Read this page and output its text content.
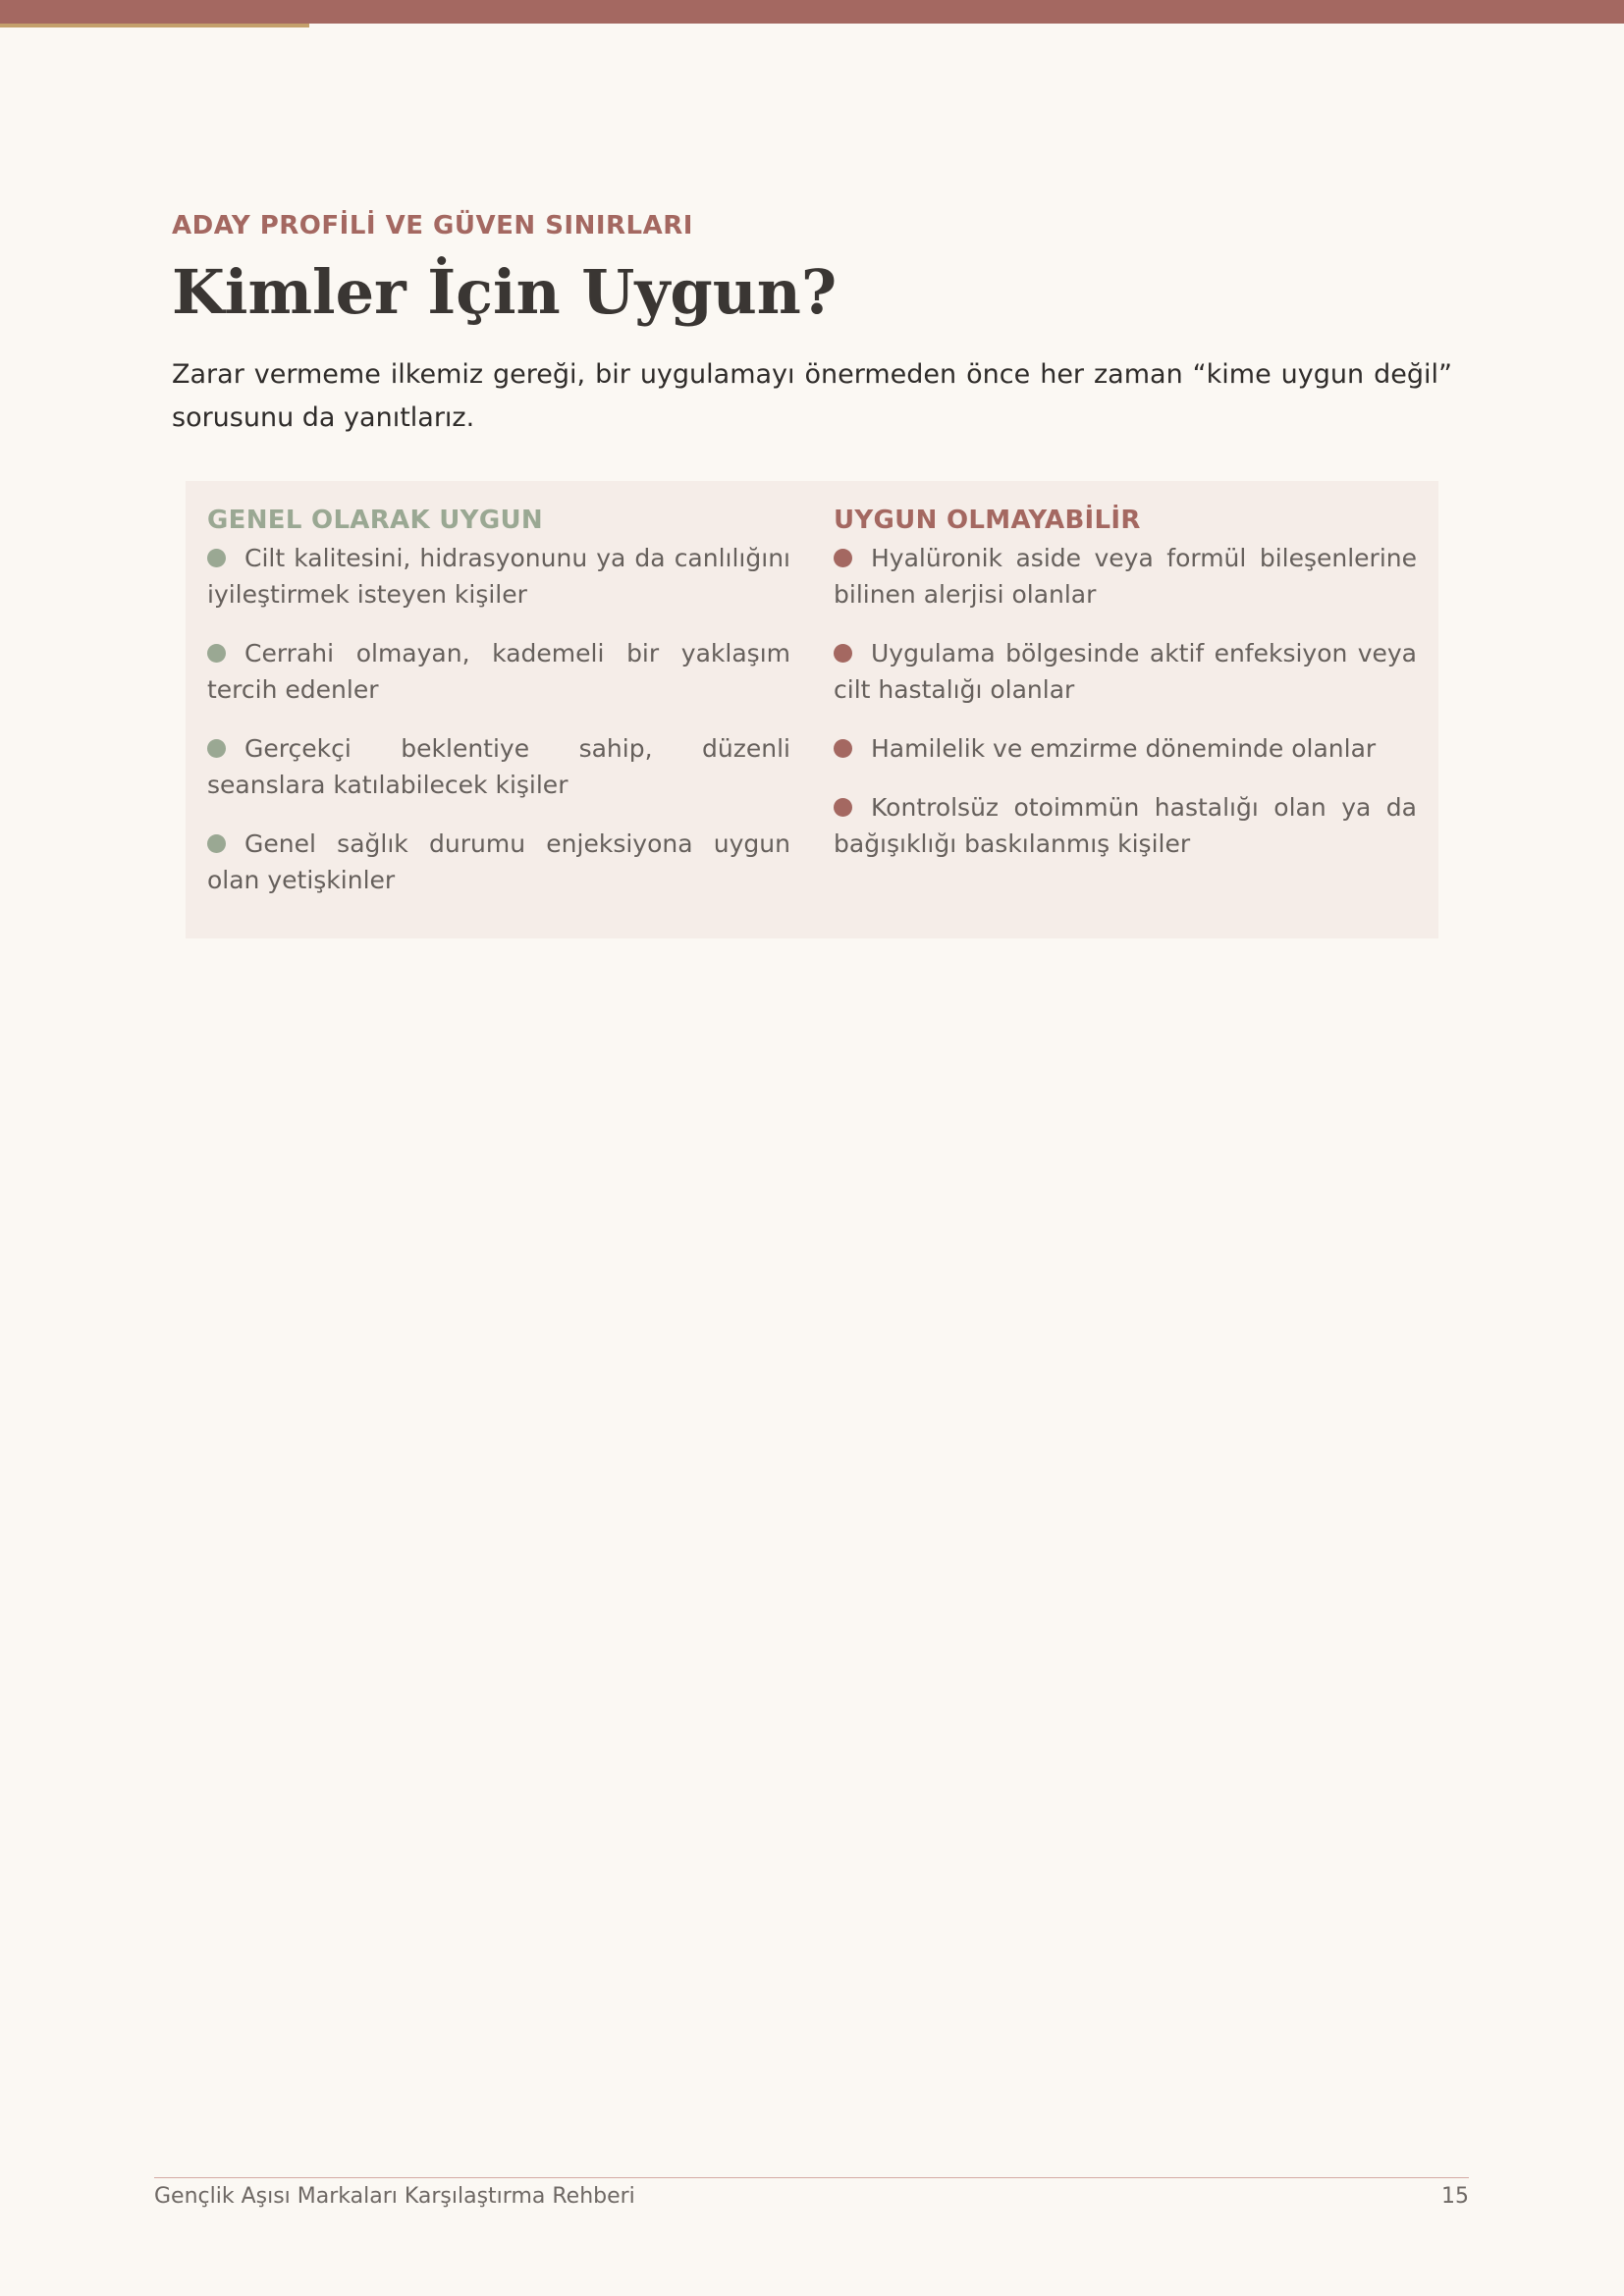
ADAY PROFİLİ VE GÜVEN SINIRLARI

Kimler İçin Uygun?

Zarar vermeme ilkemiz gereği, bir uygulamayı önermeden önce her zaman “kime uygun değil” sorusunu da yanıtlarız.

GENEL OLARAK UYGUN

Cilt kalitesini, hidrasyonunu ya da canlılığını iyileştirmek isteyen kişiler

Cerrahi olmayan, kademeli bir yaklaşım tercih edenler

Gerçekçi beklentiye sahip, düzenli seanslara katılabilecek kişiler

Genel sağlık durumu enjeksiyona uygun olan yetişkinler

UYGUN OLMAYABİLİR

Hyalüronik aside veya formül bileşenlerine bilinen alerjisi olanlar

Uygulama bölgesinde aktif enfeksiyon veya cilt hastalığı olanlar

Hamilelik ve emzirme döneminde olanlar

Kontrolsüz otoimmün hastalığı olan ya da bağışıklığı baskılanmış kişiler

Gençlik Aşısı Markaları Karşılaştırma Rehberi	15
